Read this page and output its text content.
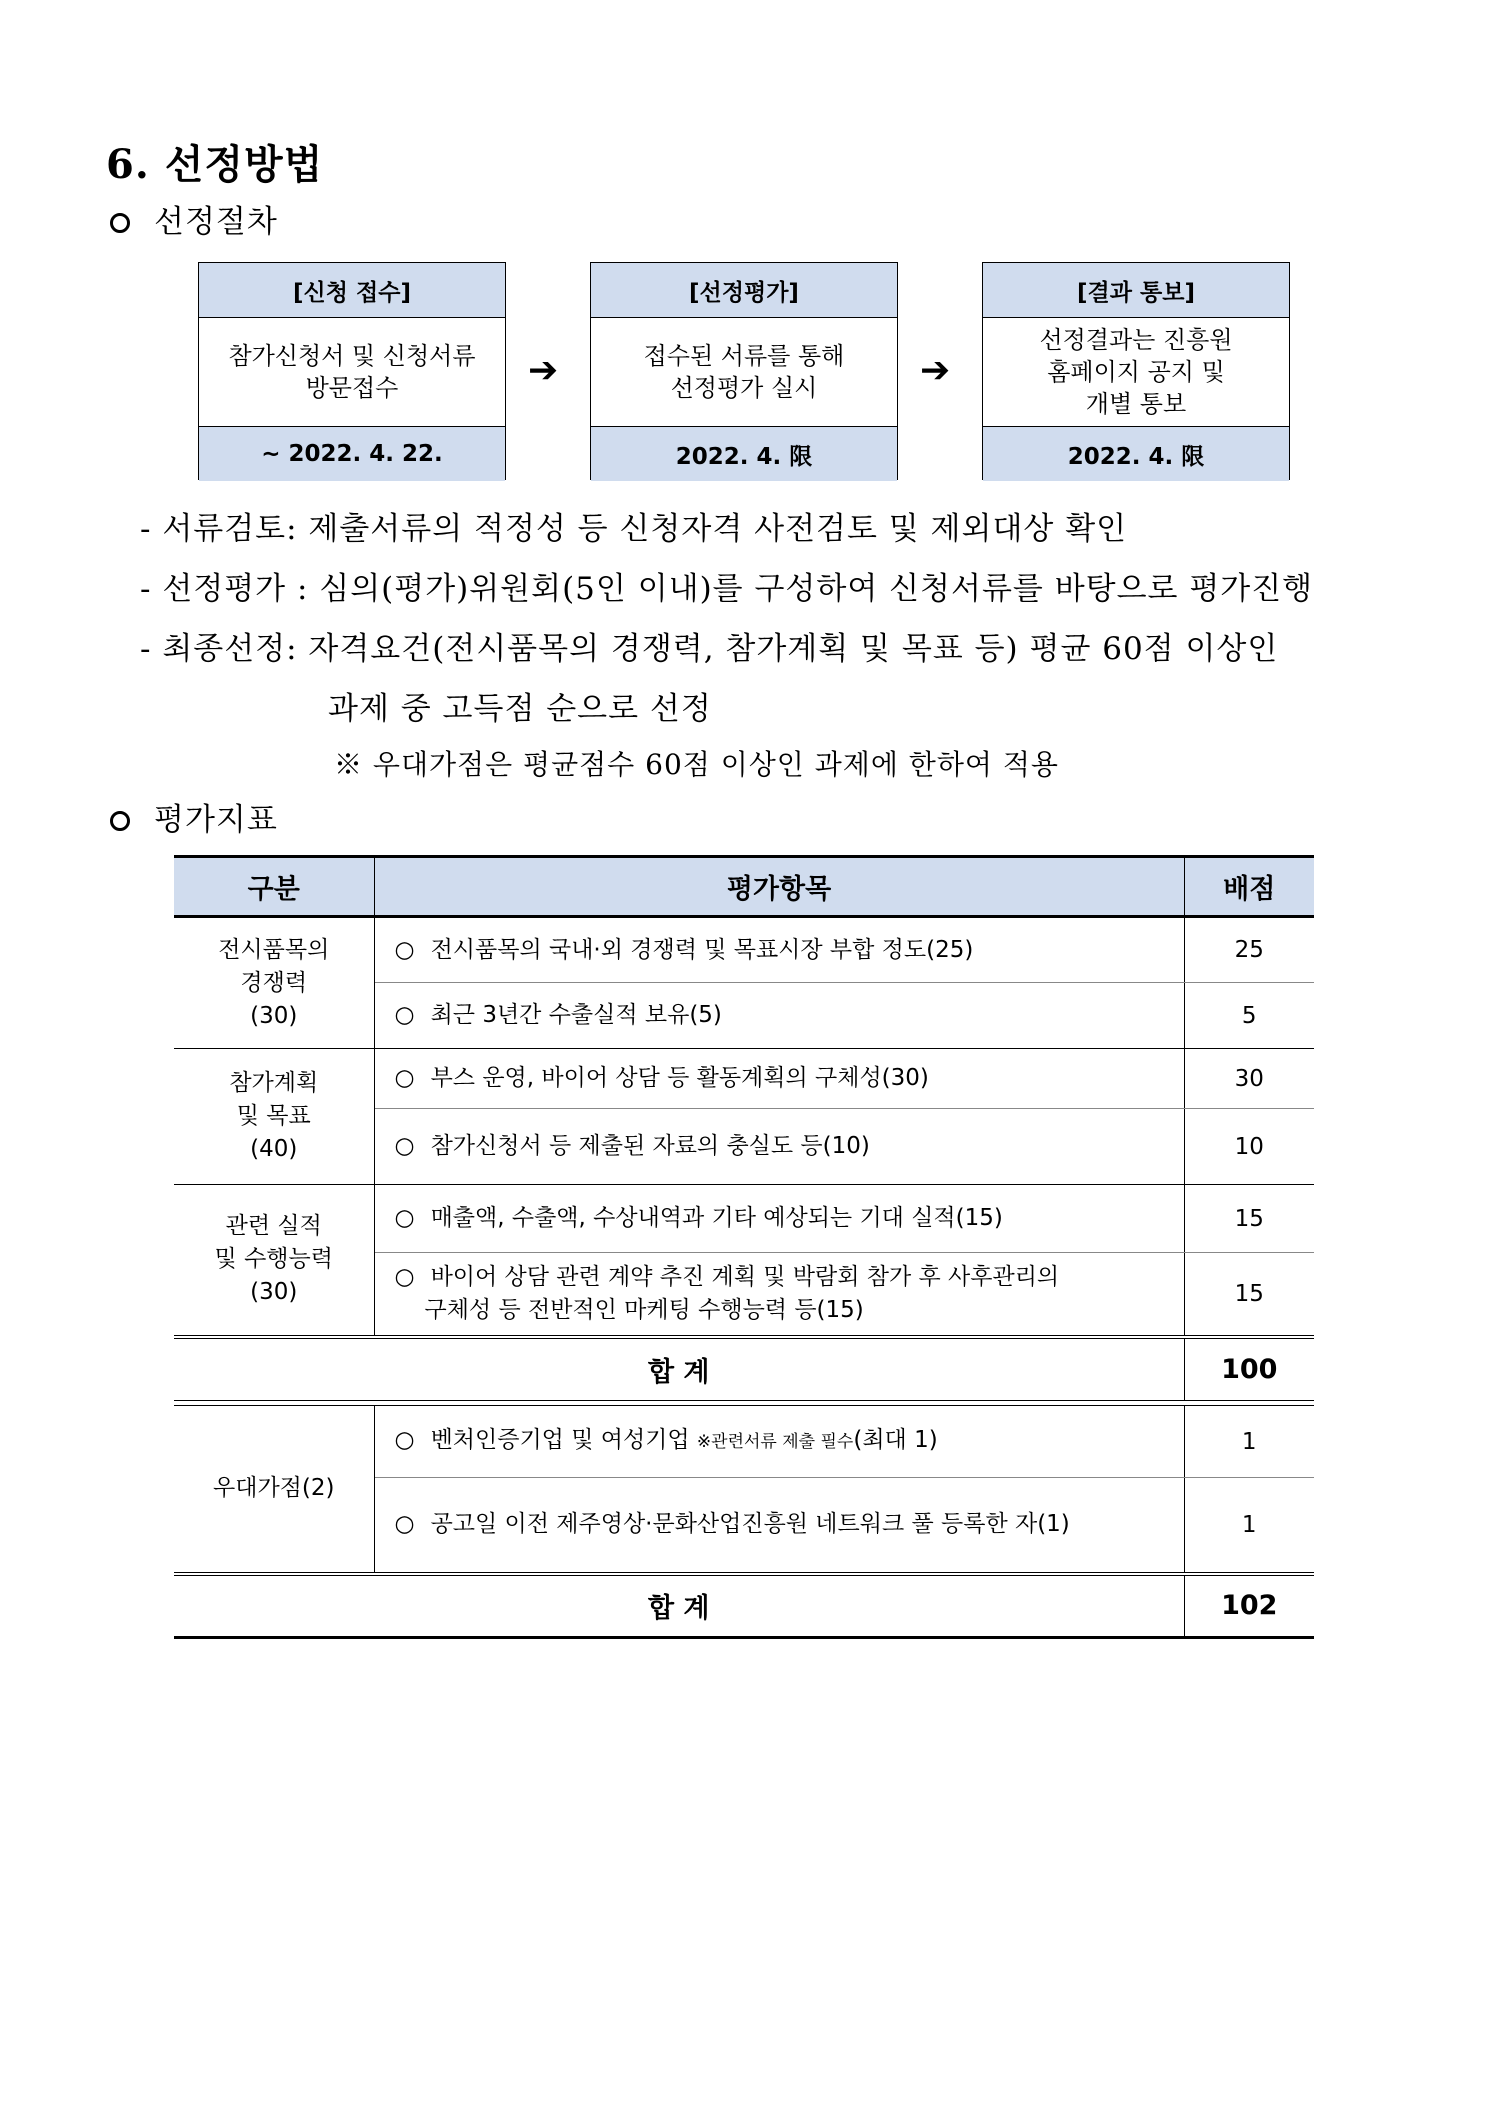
6. 선정방법
선정절차
[신청 접수]
참가신청서 및 신청서류
방문접수
~ 2022. 4. 22.
➔
[선정평가]
접수된 서류를 통해
선정평가 실시
2022. 4. 限
➔
[결과 통보]
선정결과는 진흥원
홈페이지 공지 및
개별 통보
2022. 4. 限
- 서류검토: 제출서류의 적정성 등 신청자격 사전검토 및 제외대상 확인
- 선정평가 : 심의(평가)위원회(5인 이내)를 구성하여 신청서류를 바탕으로 평가진행
- 최종선정: 자격요건(전시품목의 경쟁력, 참가계획 및 목표 등) 평균 60점 이상인
과제 중 고득점 순으로 선정
※ 우대가점은 평균점수 60점 이상인 과제에 한하여 적용
평가지표
구분	평가항목	배점
전시품목의
경쟁력
(30)	○ 전시품목의 국내·외 경쟁력 및 목표시장 부합 정도(25)	25
	○ 최근 3년간 수출실적 보유(5)	5
참가계획
및 목표
(40)	○ 부스 운영, 바이어 상담 등 활동계획의 구체성(30)	30
	○ 참가신청서 등 제출된 자료의 충실도 등(10)	10
관련 실적
및 수행능력
(30)	○ 매출액, 수출액, 수상내역과 기타 예상되는 기대 실적(15)	15

	○ 바이어 상담 관련 계약 추진 계획 및 박람회 참가 후 사후관리의
구체성 등 전반적인 마케팅 수행능력 등(15)	15
합 계		100

우대가점(2)	○ 벤처인증기업 및 여성기업 ※관련서류 제출 필수(최대 1)	1
	○ 공고일 이전 제주영상·문화산업진흥원 네트워크 풀 등록한 자(1)	1
합 계		102
